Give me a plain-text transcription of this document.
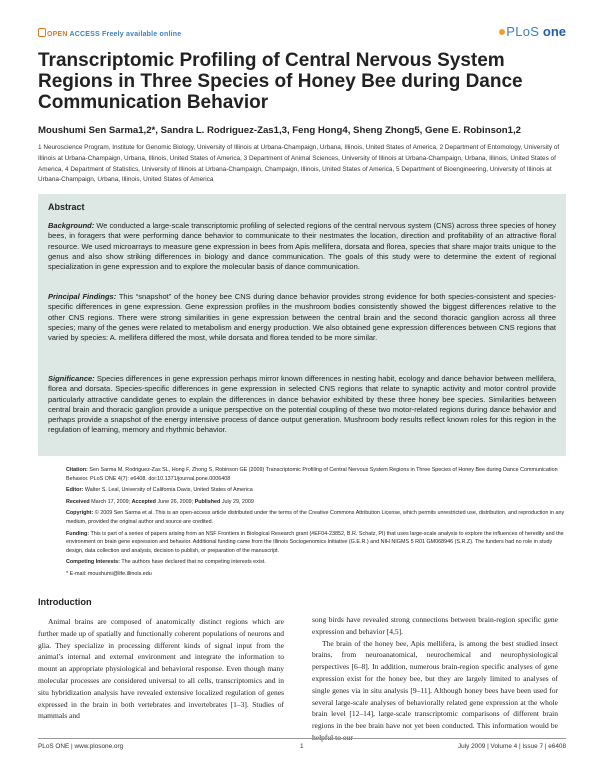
OPEN ACCESS Freely available online	PLoS one
Transcriptomic Profiling of Central Nervous System Regions in Three Species of Honey Bee during Dance Communication Behavior
Moushumi Sen Sarma1,2*, Sandra L. Rodriguez-Zas1,3, Feng Hong4, Sheng Zhong5, Gene E. Robinson1,2
1 Neuroscience Program, Institute for Genomic Biology, University of Illinois at Urbana-Champaign, Urbana, Illinois, United States of America, 2 Department of Entomology, University of Illinois at Urbana-Champaign, Urbana, Illinois, United States of America, 3 Department of Animal Sciences, University of Illinois at Urbana-Champaign, Urbana, Illinois, United States of America, 4 Department of Statistics, University of Illinois at Urbana-Champaign, Champaign, Illinois, United States of America, 5 Department of Bioengineering, University of Illinois at Urbana-Champaign, Urbana, Illinois, United States of America
Abstract

Background: We conducted a large-scale transcriptomic profiling of selected regions of the central nervous system (CNS) across three species of honey bees, in foragers that were performing dance behavior to communicate to their nestmates the location, direction and profitability of an attractive floral resource. We used microarrays to measure gene expression in bees from Apis mellifera, dorsata and florea, species that share major traits unique to the genus and also show striking differences in biology and dance communication. The goals of this study were to determine the extent of regional specialization in gene expression and to explore the molecular basis of dance communication.

Principal Findings: This “snapshot” of the honey bee CNS during dance behavior provides strong evidence for both species-consistent and species-specific differences in gene expression. Gene expression profiles in the mushroom bodies consistently showed the biggest differences relative to the other CNS regions. There were strong similarities in gene expression between the central brain and the second thoracic ganglion across all three species; many of the genes were related to metabolism and energy production. We also obtained gene expression differences between CNS regions that varied by species: A. mellifera differed the most, while dorsata and florea tended to be more similar.

Significance: Species differences in gene expression perhaps mirror known differences in nesting habit, ecology and dance behavior between mellifera, florea and dorsata. Species-specific differences in gene expression in selected CNS regions that relate to synaptic activity and motor control provide particularly attractive candidate genes to explain the differences in dance behavior exhibited by these three honey bee species. Similarities between central brain and thoracic ganglion provide a unique perspective on the potential coupling of these two motor-related regions during dance behavior and perhaps provide a snapshot of the energy intensive process of dance output generation. Mushroom body results reflect known roles for this region in the regulation of learning, memory and rhythmic behavior.

Citation: Sen Sarma M, Rodriguez-Zas SL, Hong F, Zhong S, Robinson GE (2009) Transcriptomic Profiling of Central Nervous System Regions in Three Species of Honey Bee during Dance Communication Behavior. PLoS ONE 4(7): e6408. doi:10.1371/journal.pone.0006408

Editor: Walter S. Leal, University of California Davis, United States of America

Received March 17, 2009; Accepted June 26, 2009; Published July 29, 2009

Copyright: © 2009 Sen Sarma et al. This is an open-access article distributed under the terms of the Creative Commons Attribution License, which permits unrestricted use, distribution, and reproduction in any medium, provided the original author and source are credited.

Funding: This is part of a series of papers arising from an NSF Frontiers in Biological Research grant (#EF04-23852, B.R. Schatz, PI) that uses large-scale analysis to explore the influences of heredity and the environment on brain gene expression and behavior. Additional funding came from the Illinois Sociogenomics Initiative (G.E.R.) and NIH NIGMS 5 R01 GM068946 (S.R.Z). The funders had no role in study design, data collection and analysis, decision to publish, or preparation of the manuscript.

Competing Interests: The authors have declared that no competing interests exist.

* E-mail: moushumi@life.illinois.edu

Introduction

Animal brains are composed of anatomically distinct regions which are further made up of spatially and functionally coherent populations of neurons and glia. They specialize in processing different kinds of signal input from the animal’s internal and external environment and integrate the information to mount an appropriate physiological and behavioral response. Even though many molecular processes are considered universal to all cells, transcriptomics and in situ hybridization analysis have revealed extensive localized regulation of genes expressed in the brain in both vertebrates and invertebrates [1–3]. Studies of mammals and

song birds have revealed strong connections between brain-region specific gene expression and behavior [4,5].

The brain of the honey bee, Apis mellifera, is among the best studied insect brains, from neuroanatomical, neurochemical and neurophysiological perspectives [6–8]. In addition, numerous brain-region specific analyses of gene expression exist for the honey bee, but they are largely limited to analyses of single genes via in situ analysis [9–11]. Although honey bees have been used for several large-scale analyses of behaviorally related gene expression at the whole brain level [12–14], large-scale transcriptomic comparisons of different brain regions in the bee brain have not yet been conducted. This information would be helpful to our

PLoS ONE | www.plosone.org	1	July 2009 | Volume 4 | Issue 7 | e6408
